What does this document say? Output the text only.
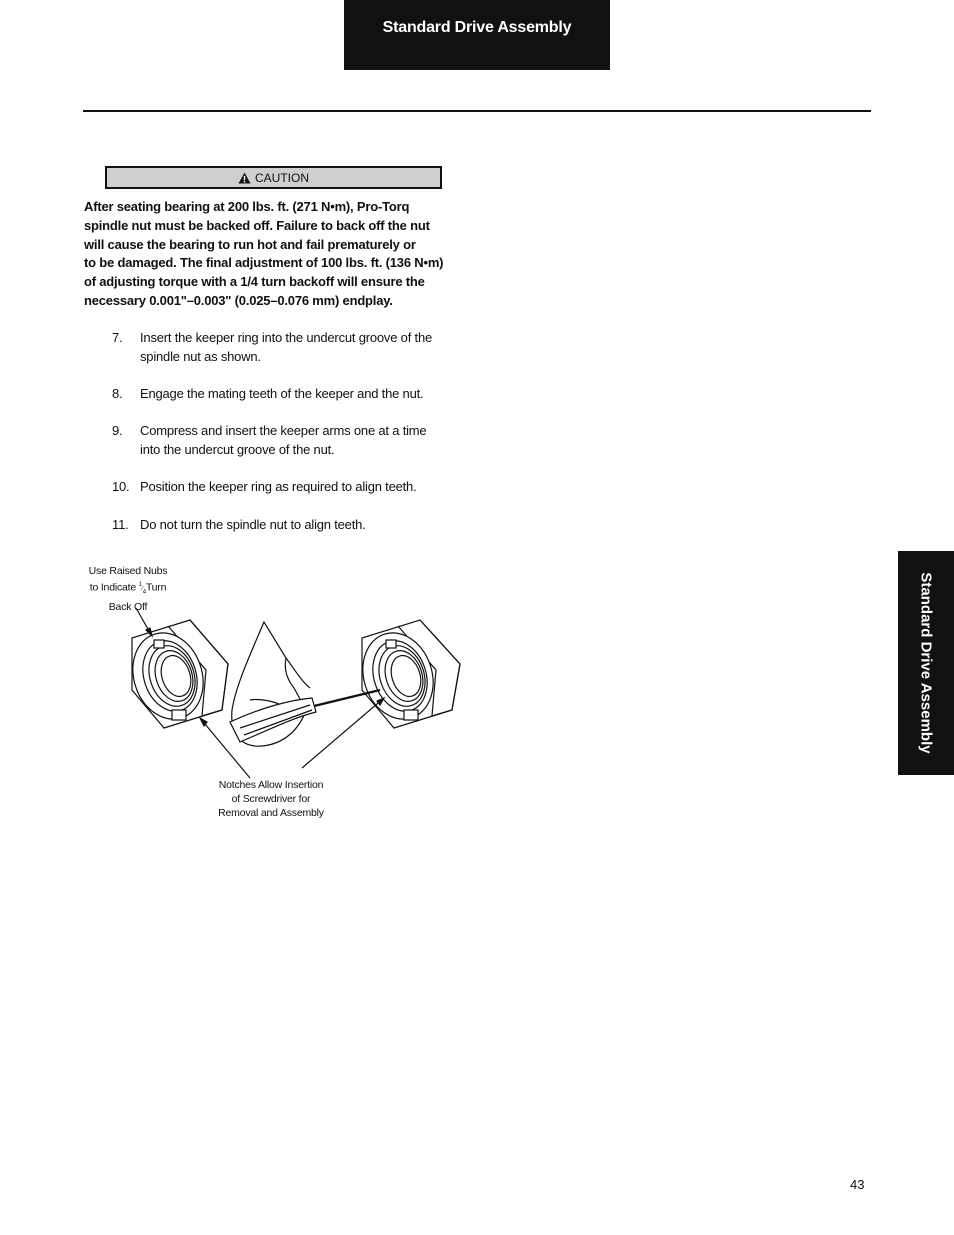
Standard Drive Assembly
CAUTION
After seating bearing at 200 lbs. ft. (271 N•m), Pro-Torq
spindle nut must be backed off. Failure to back off the nut
will cause the bearing to run hot and fail prematurely or
to be damaged. The final adjustment of 100 lbs. ft. (136 N•m)
of adjusting torque with a 1/4 turn backoff will ensure the
necessary 0.001"–0.003" (0.025–0.076 mm) endplay.
7. Insert the keeper ring into the undercut groove of the
spindle nut as shown.
8. Engage the mating teeth of the keeper and the nut.
9. Compress and insert the keeper arms one at a time
into the undercut groove of the nut.
10. Position the keeper ring as required to align teeth.
11. Do not turn the spindle nut to align teeth.
Use Raised Nubs
to Indicate $^1⁄_4Turn$
Back Off
Notches Allow Insertion
of Screwdriver for
Removal and Assembly
Standard Drive Assembly
43
